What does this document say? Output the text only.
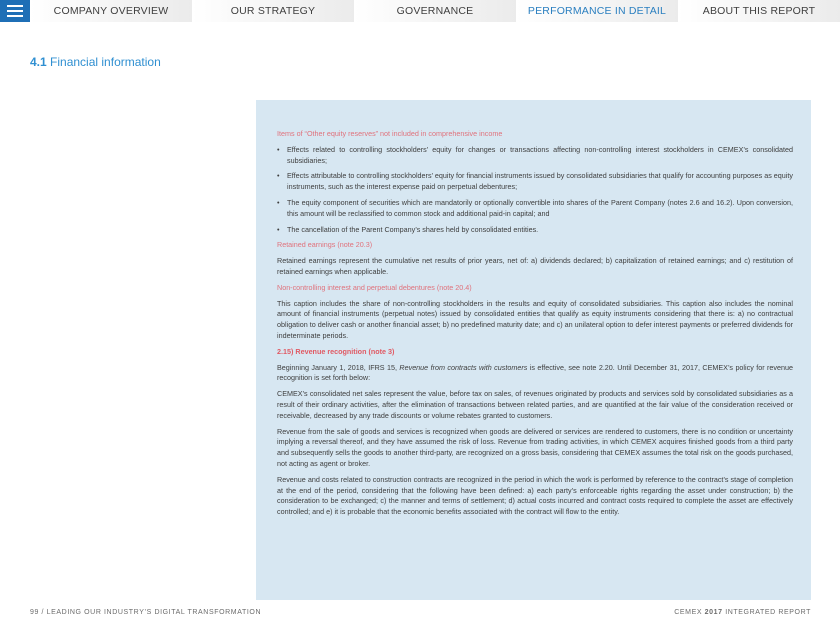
COMPANY OVERVIEW	OUR STRATEGY	GOVERNANCE	PERFORMANCE IN DETAIL	ABOUT THIS REPORT
4.1 Financial information

Items of “Other equity reserves” not included in comprehensive income

• Effects related to controlling stockholders’ equity for changes or transactions affecting non-controlling interest stockholders in CEMEX’s consolidated subsidiaries;
• Effects attributable to controlling stockholders’ equity for financial instruments issued by consolidated subsidiaries that qualify for accounting purposes as equity instruments, such as the interest expense paid on perpetual debentures;
• The equity component of securities which are mandatorily or optionally convertible into shares of the Parent Company (notes 2.6 and 16.2). Upon conversion, this amount will be reclassified to common stock and additional paid-in capital; and
• The cancellation of the Parent Company’s shares held by consolidated entities.

Retained earnings (note 20.3)

Retained earnings represent the cumulative net results of prior years, net of: a) dividends declared; b) capitalization of retained earnings; and c) restitution of retained earnings when applicable.

Non-controlling interest and perpetual debentures (note 20.4)

This caption includes the share of non-controlling stockholders in the results and equity of consolidated subsidiaries. This caption also includes the nominal amount of financial instruments (perpetual notes) issued by consolidated entities that qualify as equity instruments considering that there is: a) no contractual obligation to deliver cash or another financial asset; b) no predefined maturity date; and c) an unilateral option to defer interest payments or preferred dividends for indeterminate periods.

2.15) Revenue recognition (note 3)

Beginning January 1, 2018, IFRS 15, Revenue from contracts with customers is effective, see note 2.20. Until December 31, 2017, CEMEX’s policy for revenue recognition is set forth below:

CEMEX’s consolidated net sales represent the value, before tax on sales, of revenues originated by products and services sold by consolidated subsidiaries as a result of their ordinary activities, after the elimination of transactions between related parties, and are quantified at the fair value of the consideration received or receivable, decreased by any trade discounts or volume rebates granted to customers.

Revenue from the sale of goods and services is recognized when goods are delivered or services are rendered to customers, there is no condition or uncertainty implying a reversal thereof, and they have assumed the risk of loss. Revenue from trading activities, in which CEMEX acquires finished goods from a third party and subsequently sells the goods to another third-party, are recognized on a gross basis, considering that CEMEX assumes the total risk on the goods purchased, not acting as agent or broker.

Revenue and costs related to construction contracts are recognized in the period in which the work is performed by reference to the contract’s stage of completion at the end of the period, considering that the following have been defined: a) each party’s enforceable rights regarding the asset under construction; b) the consideration to be exchanged; c) the manner and terms of settlement; d) actual costs incurred and contract costs required to complete the asset are effectively controlled; and e) it is probable that the economic benefits associated with the contract will flow to the entity.

99 / LEADING OUR INDUSTRY’S DIGITAL TRANSFORMATION	CEMEX 2017 INTEGRATED REPORT
